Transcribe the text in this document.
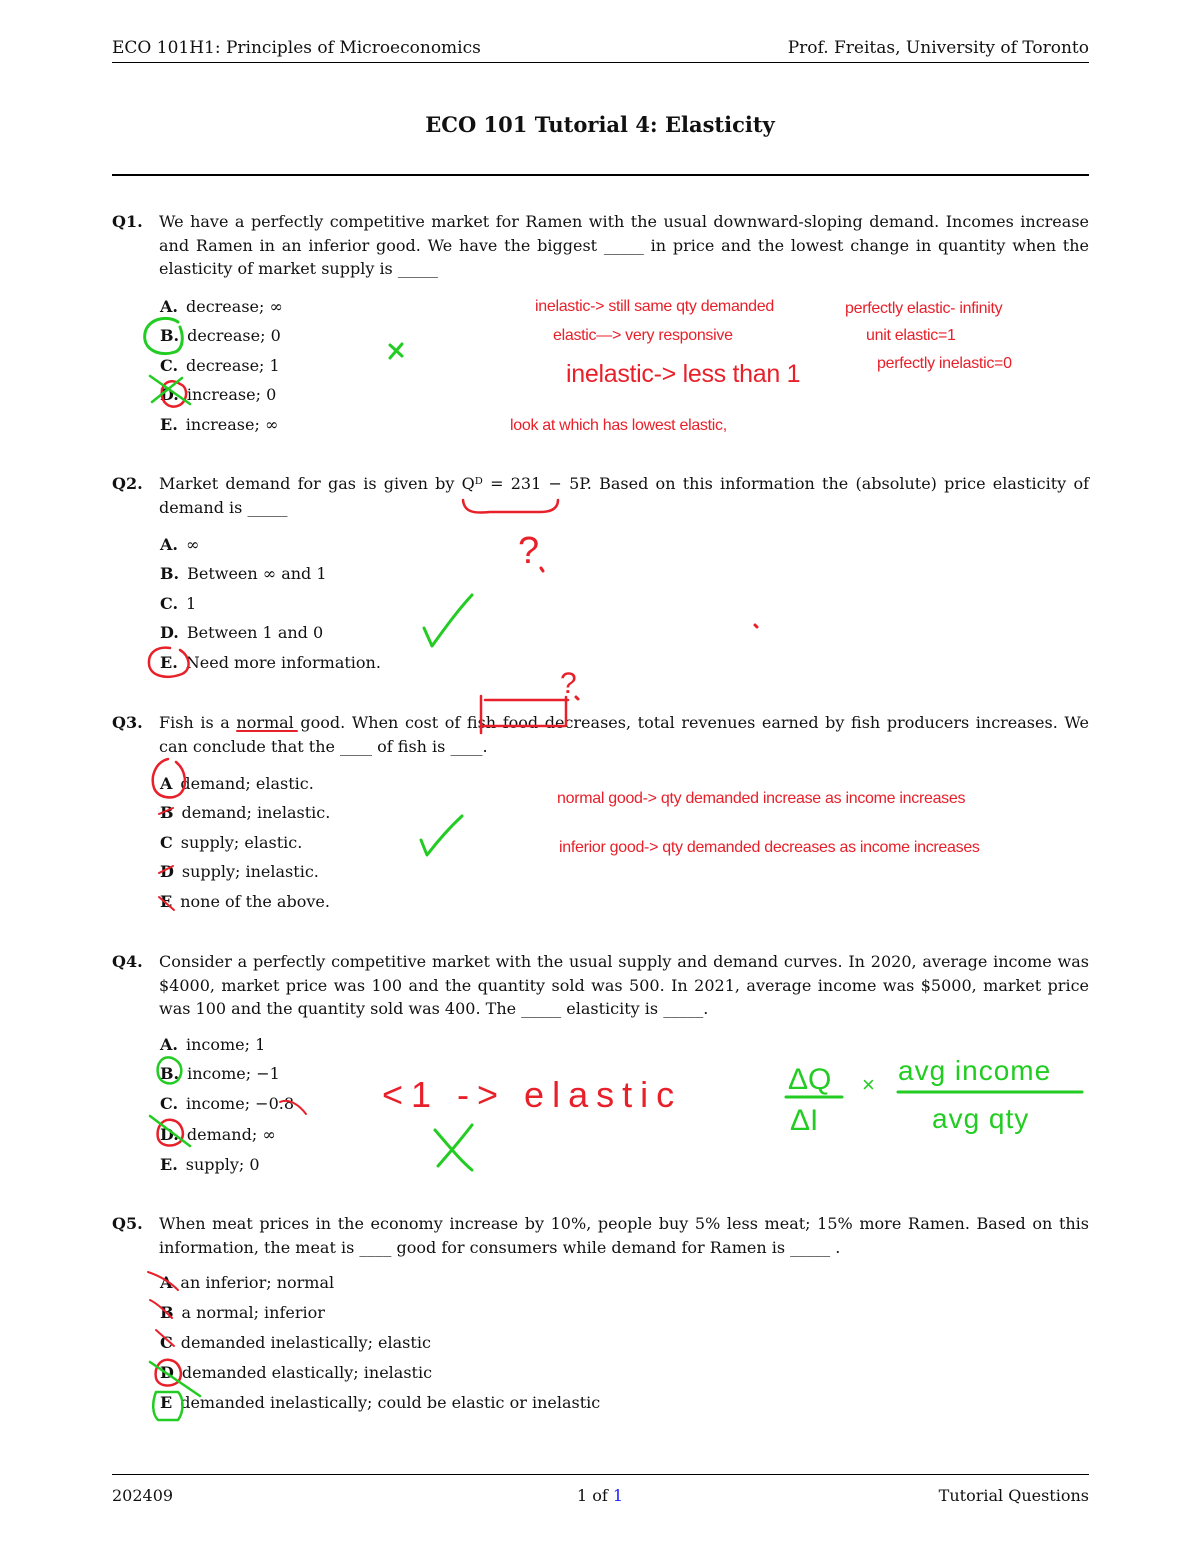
ECO 101H1: Principles of Microeconomics	Prof. Freitas, University of Toronto
ECO 101 Tutorial 4: Elasticity
Q1.	We have a perfectly competitive market for Ramen with the usual downward-sloping demand. Incomes increase and Ramen in an inferior good. We have the biggest _____ in price and the lowest change in quantity when the elasticity of market supply is _____
A. decrease; ∞
B. decrease; 0
C. decrease; 1
D. increase; 0
E. increase; ∞
inelastic-> still same qty demanded
elastic—> very responsive
inelastic-> less than 1
look at which has lowest elastic,
perfectly elastic- infinity
unit elastic=1
perfectly inelastic=0
Q2.	Market demand for gas is given by Qᴰ = 231 − 5P. Based on this information the (absolute) price elasticity of demand is _____
A. ∞
B. Between ∞ and 1
C. 1
D. Between 1 and 0
E. Need more information.
Q3.	Fish is a normal good. When cost of fish food decreases, total revenues earned by fish producers increases. We can conclude that the ____ of fish is ____.
A demand; elastic.
B demand; inelastic.
C supply; elastic.
D supply; inelastic.
E none of the above.
normal good-> qty demanded increase as income increases
inferior good-> qty demanded decreases as income increases
Q4.	Consider a perfectly competitive market with the usual supply and demand curves. In 2020, average income was $4000, market price was 100 and the quantity sold was 500. In 2021, average income was $5000, market price was 100 and the quantity sold was 400. The _____ elasticity is _____.
A. income; 1
B. income; −1
C. income; −0.8
D. demand; ∞
E. supply; 0
Q5.	When meat prices in the economy increase by 10%, people buy 5% less meat; 15% more Ramen. Based on this information, the meat is ____ good for consumers while demand for Ramen is _____ .
A an inferior; normal
B a normal; inferior
C demanded inelastically; elastic
D demanded elastically; inelastic
E demanded inelastically; could be elastic or inelastic
?
?
<1 -> elastic	ΔQ
ΔI
× avg income
avg qty
202409	1 of 1	Tutorial Questions
